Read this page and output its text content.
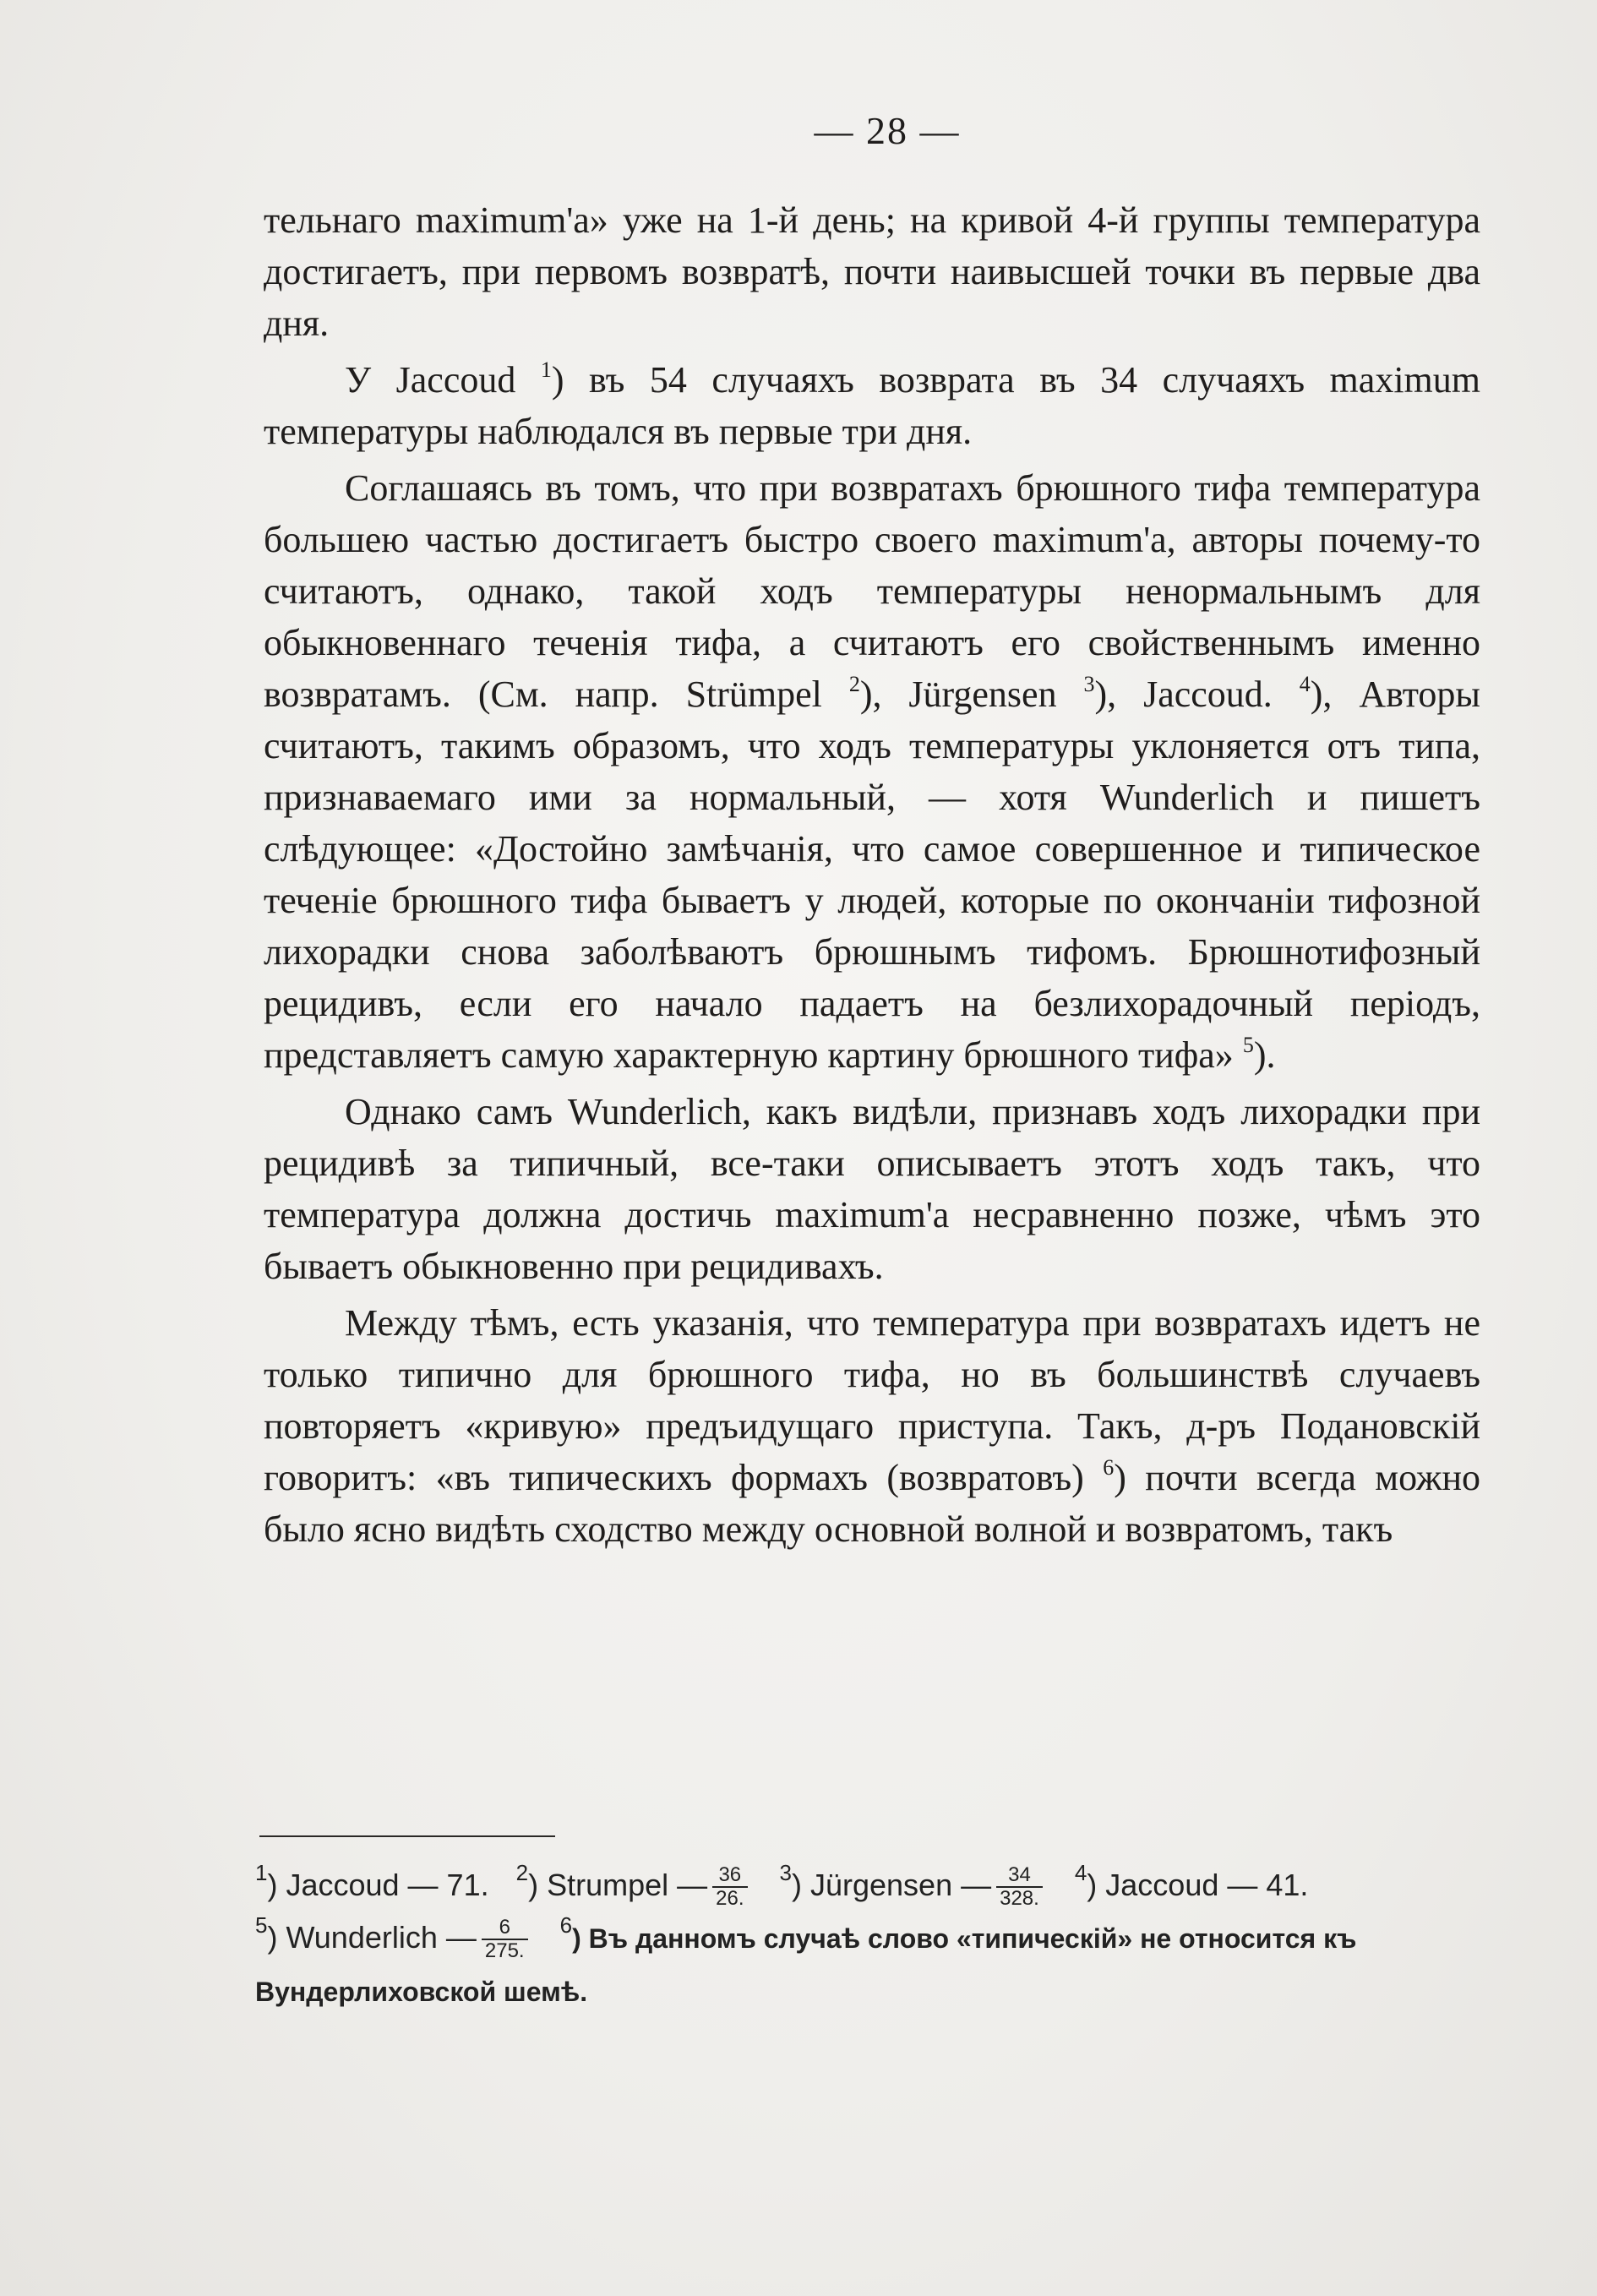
— 28 —

тельнаго maximum'a» уже на 1-й день; на кривой 4-й группы температура достигаетъ, при первомъ возвратѣ, почти наивысшей точки въ первые два дня.

У Jaccoud $^1$) въ 54 случаяхъ возврата въ 34 случаяхъ maximum температуры наблюдался въ первые три дня.

Соглашаясь въ томъ, что при возвратахъ брюшного тифа температура большею частью достигаетъ быстро своего maximum'a, авторы почему-то считаютъ, однако, такой ходъ температуры ненормальнымъ для обыкновеннаго теченія тифа, а считаютъ его свойственнымъ именно возвратамъ. (См. напр. Strümpel $^2$), Jürgensen $^3$), Jaccoud. $^4$), Авторы считаютъ, такимъ образомъ, что ходъ температуры уклоняется отъ типа, признаваемаго ими за нормальный, — хотя Wunderlich и пишетъ слѣдующее: «Достойно замѣчанія, что самое совершенное и типическое теченіе брюшного тифа бываетъ у людей, которые по окончаніи тифозной лихорадки снова заболѣваютъ брюшнымъ тифомъ. Брюшнотифозный рецидивъ, если его начало падаетъ на безлихорадочный періодъ, представляетъ самую характерную картину брюшного тифа» $^5$).

Однако самъ Wunderlich, какъ видѣли, признавъ ходъ лихорадки при рецидивѣ за типичный, все-таки описываетъ этотъ ходъ такъ, что температура должна достичь maximum'a несравненно позже, чѣмъ это бываетъ обыкновенно при рецидивахъ.

Между тѣмъ, есть указанія, что температура при возвратахъ идетъ не только типично для брюшного тифа, но въ большинствѣ случаевъ повторяетъ «кривую» предъидущаго приступа. Такъ, д-ръ Подановскій говоритъ: «въ типическихъ формахъ (возвратовъ) $^6$) почти всегда можно было ясно видѣть сходство между основной волной и возвратомъ, такъ

$^1$) Jaccoud — 71. $^2$) Strumpel — $\frac{36}{26.} ^3$) Jürgensen — $\frac{34}{328.} ^4$) Jaccoud — 41.
$^5$) Wunderlich — $\frac{6}{275.} ^6$) Въ данномъ случаѣ слово «типическій» не относится къ
Вундерлиховской шемѣ.
